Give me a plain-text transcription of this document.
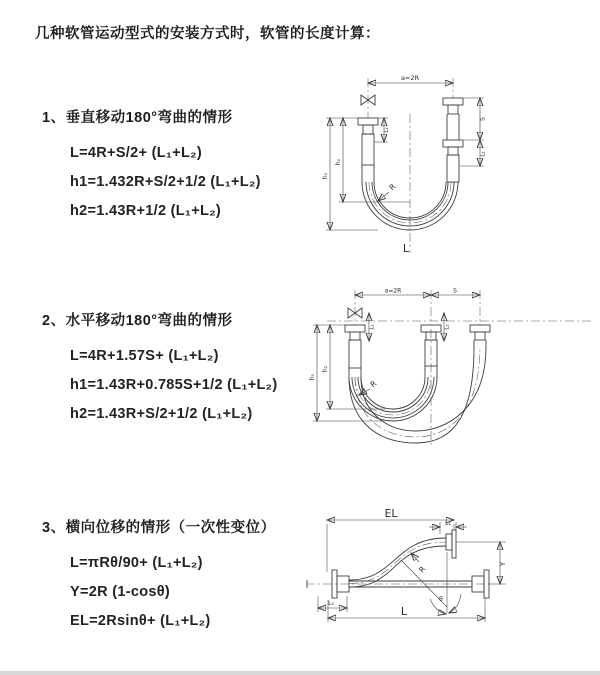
几种软管运动型式的安装方式时，软管的长度计算：
1、垂直移动180°弯曲的情形
L=4R+S/2+ (L₁+L₂)
h1=1.432R+S/2+1/2 (L₁+L₂)
h2=1.43R+1/2 (L₁+L₂)
a=2R
h₁
h₂
L₁
S
L₂
R
L
2、水平移动180°弯曲的情形
L=4R+1.57S+ (L₁+L₂)
h1=1.43R+0.785S+1/2 (L₁+L₂)
h2=1.43R+S/2+1/2 (L₁+L₂)
a=2R	S
h₁
h₂
L₁	L₂
R
3、横向位移的情形（一次性变位）
L=πRθ/90+ (L₁+L₂)
Y=2R (1-cosθ)
EL=2Rsinθ+ (L₁+L₂)
EL
L₁
Y
θ
R
L₂
L
